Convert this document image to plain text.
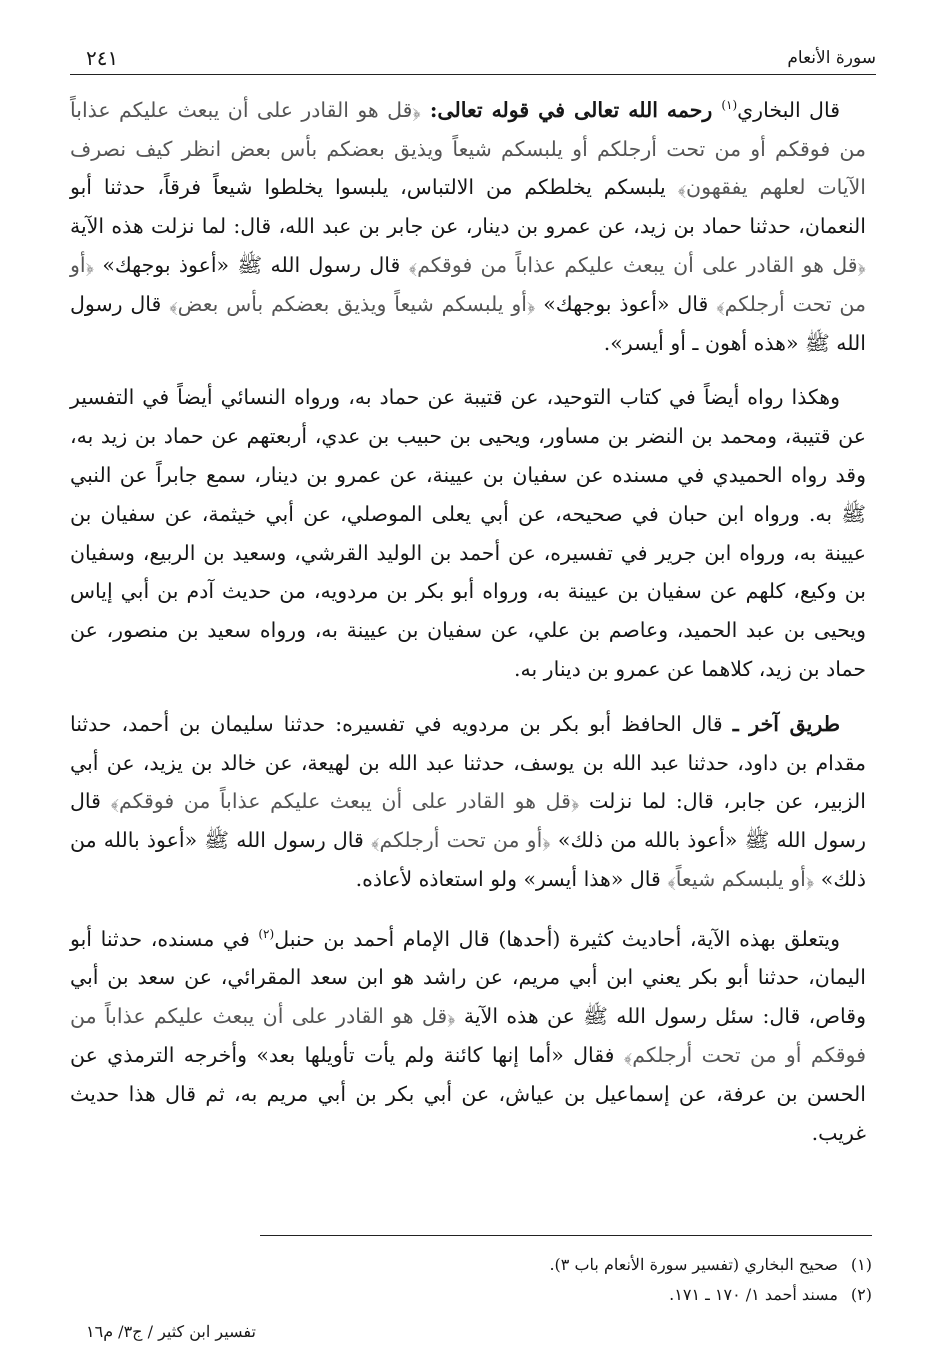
٢٤١	سورة الأنعام

قال البخاري$^{(١)}$ رحمه الله تعالى في قوله تعالى: ﴿قل هو القادر على أن يبعث عليكم عذاباً من فوقكم أو من تحت أرجلكم أو يلبسكم شيعاً ويذيق بعضكم بأس بعض انظر كيف نصرف الآيات لعلهم يفقهون﴾ يلبسكم يخلطكم من الالتباس، يلبسوا يخلطوا شيعاً فرقاً، حدثنا أبو النعمان، حدثنا حماد بن زيد، عن عمرو بن دينار، عن جابر بن عبد الله، قال: لما نزلت هذه الآية ﴿قل هو القادر على أن يبعث عليكم عذاباً من فوقكم﴾ قال رسول الله ﷺ «أعوذ بوجهك» ﴿أو من تحت أرجلكم﴾ قال «أعوذ بوجهك» ﴿أو يلبسكم شيعاً ويذيق بعضكم بأس بعض﴾ قال رسول الله ﷺ «هذه أهون ـ أو أيسر».

وهكذا رواه أيضاً في كتاب التوحيد، عن قتيبة عن حماد به، ورواه النسائي أيضاً في التفسير عن قتيبة، ومحمد بن النضر بن مساور، ويحيى بن حبيب بن عدي، أربعتهم عن حماد بن زيد به، وقد رواه الحميدي في مسنده عن سفيان بن عيينة، عن عمرو بن دينار، سمع جابراً عن النبي ﷺ به. ورواه ابن حبان في صحيحه، عن أبي يعلى الموصلي، عن أبي خيثمة، عن سفيان بن عيينة به، ورواه ابن جرير في تفسيره، عن أحمد بن الوليد القرشي، وسعيد بن الربيع، وسفيان بن وكيع، كلهم عن سفيان بن عيينة به، ورواه أبو بكر بن مردويه، من حديث آدم بن أبي إياس ويحيى بن عبد الحميد، وعاصم بن علي، عن سفيان بن عيينة به، ورواه سعيد بن منصور، عن حماد بن زيد، كلاهما عن عمرو بن دينار به.

طريق آخر ـ قال الحافظ أبو بكر بن مردويه في تفسيره: حدثنا سليمان بن أحمد، حدثنا مقدام بن داود، حدثنا عبد الله بن يوسف، حدثنا عبد الله بن لهيعة، عن خالد بن يزيد، عن أبي الزبير، عن جابر، قال: لما نزلت ﴿قل هو القادر على أن يبعث عليكم عذاباً من فوقكم﴾ قال رسول الله ﷺ «أعوذ بالله من ذلك» ﴿أو من تحت أرجلكم﴾ قال رسول الله ﷺ «أعوذ بالله من ذلك» ﴿أو يلبسكم شيعاً﴾ قال «هذا أيسر» ولو استعاذه لأعاذه.

ويتعلق بهذه الآية، أحاديث كثيرة (أحدها) قال الإمام أحمد بن حنبل$^{(٢)}$ في مسنده، حدثنا أبو اليمان، حدثنا أبو بكر يعني ابن أبي مريم، عن راشد هو ابن سعد المقرائي، عن سعد بن أبي وقاص، قال: سئل رسول الله ﷺ عن هذه الآية ﴿قل هو القادر على أن يبعث عليكم عذاباً من فوقكم أو من تحت أرجلكم﴾ فقال «أما إنها كائنة ولم يأت تأويلها بعد» وأخرجه الترمذي عن الحسن بن عرفة، عن إسماعيل بن عياش، عن أبي بكر بن أبي مريم به، ثم قال هذا حديث غريب.

(١)صحيح البخاري (تفسير سورة الأنعام باب ٣).

(٢)مسند أحمد ١/ ١٧٠ ـ ١٧١.

تفسير ابن كثير / ج٣/ م١٦
